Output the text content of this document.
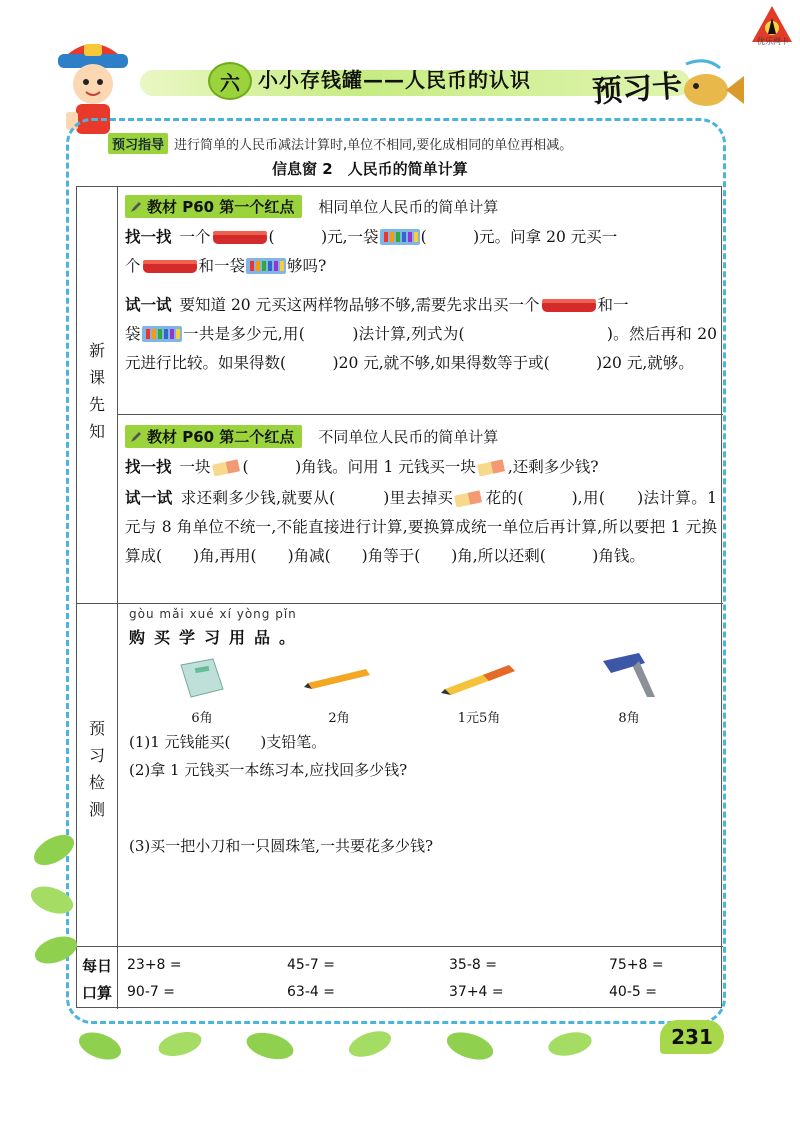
优乐网卡
六 小小存钱罐——人民币的认识 预习卡
预习指导 进行简单的人民币减法计算时,单位不相同,要化成相同的单位再相减。
信息窗 2　人民币的简单计算
新
课
先
知
预
习
检
测
每日
口算
教材 P60 第一个红点 相同单位人民币的简单计算
找一找 一个	(　　　)元,一袋	(　　　)元。问拿 20 元买一
个	和一袋	够吗?
试一试 要知道 20 元买这两样物品够不够,需要先求出买一个	和一
袋	一共是多少元,用(　　　)法计算,列式为(　　　　　　　　　)。然后再和 20 元进行比较。如果得数(　　　)20 元,就不够,如果得数等于或(　　　)20 元,就够。
教材 P60 第二个红点 不同单位人民币的简单计算
找一找 一块 (　　　)角钱。问用 1 元钱买一块 ,还剩多少钱?
试一试 求还剩多少钱,就要从(　　　)里去掉买 花的(　　　),用(　　)法计算。1 元与 8 角单位不统一,不能直接进行计算,要换算成统一单位后再计算,所以要把 1 元换算成(　　)角,再用(　　)角减(　　)角等于(　　)角,所以还剩(　　　)角钱。
gòu mǎi xué xí yòng pǐn
购买学习用品。
6角	2角	1元5角	8角
(1)1 元钱能买(　　)支铅笔。
(2)拿 1 元钱买一本练习本,应找回多少钱?
(3)买一把小刀和一只圆珠笔,一共要花多少钱?
23+8 =	45-7 =	35-8 =	75+8 =
90-7 =	63-4 =	37+4 =	40-5 =
231
